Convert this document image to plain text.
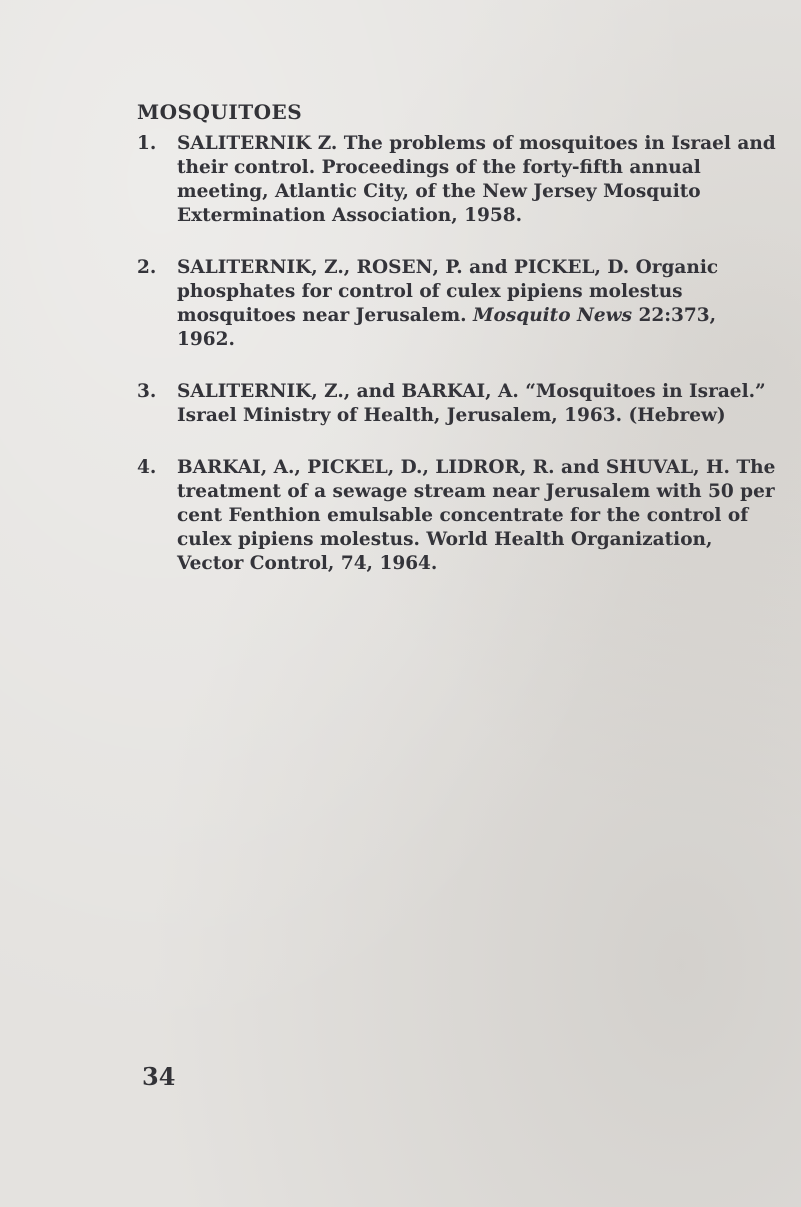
MOSQUITOES
1. SALITERNIK Z. The problems of mosquitoes in Israel and their control. Proceedings of the forty-fifth annual meeting, Atlantic City, of the New Jersey Mosquito Extermination Association, 1958.
2. SALITERNIK, Z., ROSEN, P. and PICKEL, D. Organic phosphates for control of culex pipiens molestus mosquitoes near Jerusalem. Mosquito News 22:373, 1962.
3. SALITERNIK, Z., and BARKAI, A. “Mosquitoes in Israel.” Israel Ministry of Health, Jerusalem, 1963. (Hebrew)
4. BARKAI, A., PICKEL, D., LIDROR, R. and SHUVAL, H. The treatment of a sewage stream near Jerusalem with 50 per cent Fenthion emulsable concentrate for the control of culex pipiens molestus. World Health Organization, Vector Control, 74, 1964.
34
